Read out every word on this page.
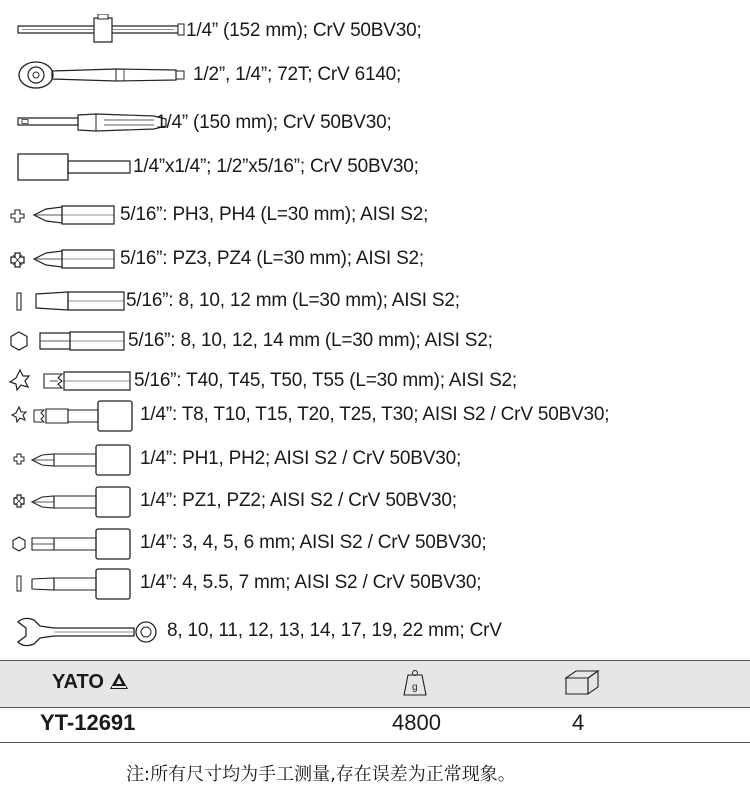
1/4” (152 mm); CrV 50BV30;
1/2”, 1/4”; 72T; CrV 6140;
1/4” (150 mm); CrV 50BV30;
1/4”x1/4”; 1/2”x5/16”; CrV 50BV30;
5/16”: PH3, PH4 (L=30 mm); AISI S2;
5/16”: PZ3, PZ4 (L=30 mm); AISI S2;
5/16”: 8, 10, 12 mm (L=30 mm); AISI S2;
5/16”: 8, 10, 12, 14 mm (L=30 mm); AISI S2;
5/16”: T40, T45, T50, T55 (L=30 mm); AISI S2;
1/4”: T8, T10, T15, T20, T25, T30; AISI S2 / CrV 50BV30;
1/4”: PH1, PH2; AISI S2 / CrV 50BV30;
1/4”: PZ1, PZ2; AISI S2 / CrV 50BV30;
1/4”: 3, 4, 5, 6 mm; AISI S2 / CrV 50BV30;
1/4”: 4, 5.5, 7 mm; AISI S2 / CrV 50BV30;
8, 10, 11, 12, 13, 14, 17, 19, 22 mm; CrV
YATO	g
YT-12691	4800	4
注:所有尺寸均为手工测量,存在误差为正常现象。
